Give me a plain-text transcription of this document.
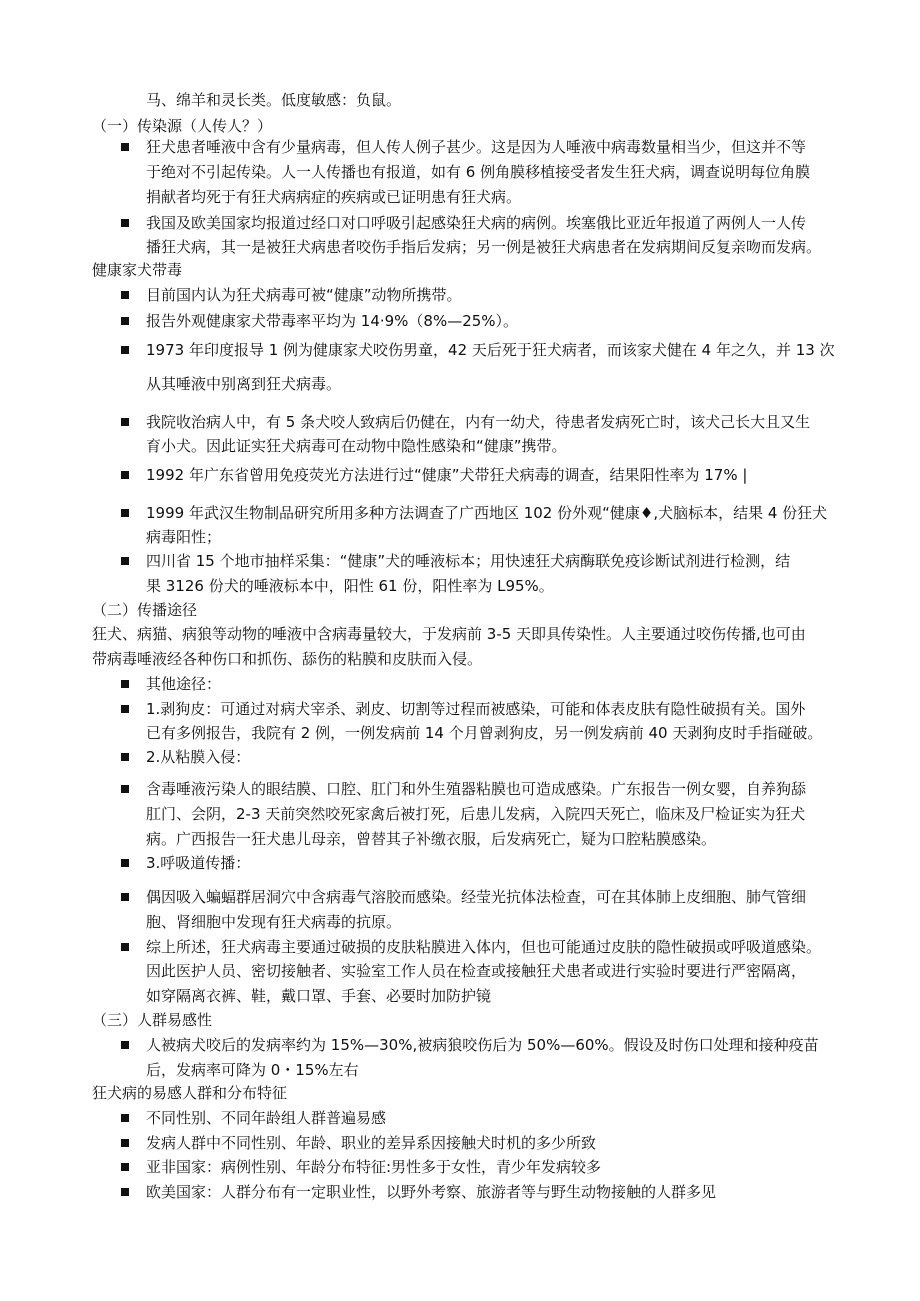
马、绵羊和灵长类。低度敏感：负鼠。
（一）传染源（人传人？）
狂犬患者唾液中含有少量病毒，但人传人例子甚少。这是因为人唾液中病毒数量相当少，但这并不等
于绝对不引起传染。人一人传播也有报道，如有 6 例角膜移植接受者发生狂犬病，调查说明每位角膜
捐献者均死于有狂犬病病症的疾病或已证明患有狂犬病。
我国及欧美国家均报道过经口对口呼吸引起感染狂犬病的病例。埃塞俄比亚近年报道了两例人一人传
播狂犬病，其一是被狂犬病患者咬伤手指后发病；另一例是被狂犬病患者在发病期间反复亲吻而发病。
健康家犬带毒
目前国内认为狂犬病毒可被“健康”动物所携带。
报告外观健康家犬带毒率平均为 14·9%（8%—25%）。
1973 年印度报导 1 例为健康家犬咬伤男童，42 天后死于狂犬病者，而该家犬健在 4 年之久，并 13 次
从其唾液中别离到狂犬病毒。
我院收治病人中，有 5 条犬咬人致病后仍健在，内有一幼犬，待患者发病死亡时，该犬己长大且又生
育小犬。因此证实狂犬病毒可在动物中隐性感染和“健康”携带。
1992 年广东省曾用免疫荧光方法进行过“健康”犬带狂犬病毒的调查，结果阳性率为 17% |
1999 年武汉生物制品研究所用多种方法调查了广西地区 102 份外观“健康♦,犬脑标本，结果 4 份狂犬
病毒阳性；
四川省 15 个地市抽样采集：“健康”犬的唾液标本；用快速狂犬病酶联免疫诊断试剂进行检测，结
果 3126 份犬的唾液标本中，阳性 61 份，阳性率为 L95%。
（二）传播途径
狂犬、病猫、病狼等动物的唾液中含病毒量较大，于发病前 3-5 天即具传染性。人主要通过咬伤传播,也可由
带病毒唾液经各种伤口和抓伤、舔伤的粘膜和皮肤而入侵。
其他途径：
1.剥狗皮：可通过对病犬宰杀、剥皮、切割等过程而被感染，可能和体表皮肤有隐性破损有关。国外
已有多例报告，我院有 2 例，一例发病前 14 个月曾剥狗皮，另一例发病前 40 天剥狗皮时手指碰破。
2.从粘膜入侵：
含毒唾液污染人的眼结膜、口腔、肛门和外生殖器粘膜也可造成感染。广东报告一例女婴，自养狗舔
肛门、会阴，2-3 天前突然咬死家禽后被打死，后患儿发病，入院四天死亡，临床及尸检证实为狂犬
病。广西报告一狂犬患儿母亲，曾替其子补缴衣服，后发病死亡，疑为口腔粘膜感染。
3.呼吸道传播：
偶因吸入蝙蝠群居洞穴中含病毒气溶胶而感染。经莹光抗体法检查，可在其体肺上皮细胞、肺气管细
胞、肾细胞中发现有狂犬病毒的抗原。
综上所述，狂犬病毒主要通过破损的皮肤粘膜进入体内，但也可能通过皮肤的隐性破损或呼吸道感染。
因此医护人员、密切接触者、实验室工作人员在检查或接触狂犬患者或进行实验时要进行严密隔离，
如穿隔离衣裤、鞋，戴口罩、手套、必要时加防护镜
（三）人群易感性
人被病犬咬后的发病率约为 15%—30%,被病狼咬伤后为 50%—60%。假设及时伤口处理和接种疫苗
后，发病率可降为 0・15%左右
狂犬病的易感人群和分布特征
不同性别、不同年龄组人群普遍易感
发病人群中不同性别、年龄、职业的差异系因接触犬时机的多少所致
亚非国家：病例性别、年龄分布特征:男性多于女性，青少年发病较多
欧美国家：人群分布有一定职业性，以野外考察、旅游者等与野生动物接触的人群多见
